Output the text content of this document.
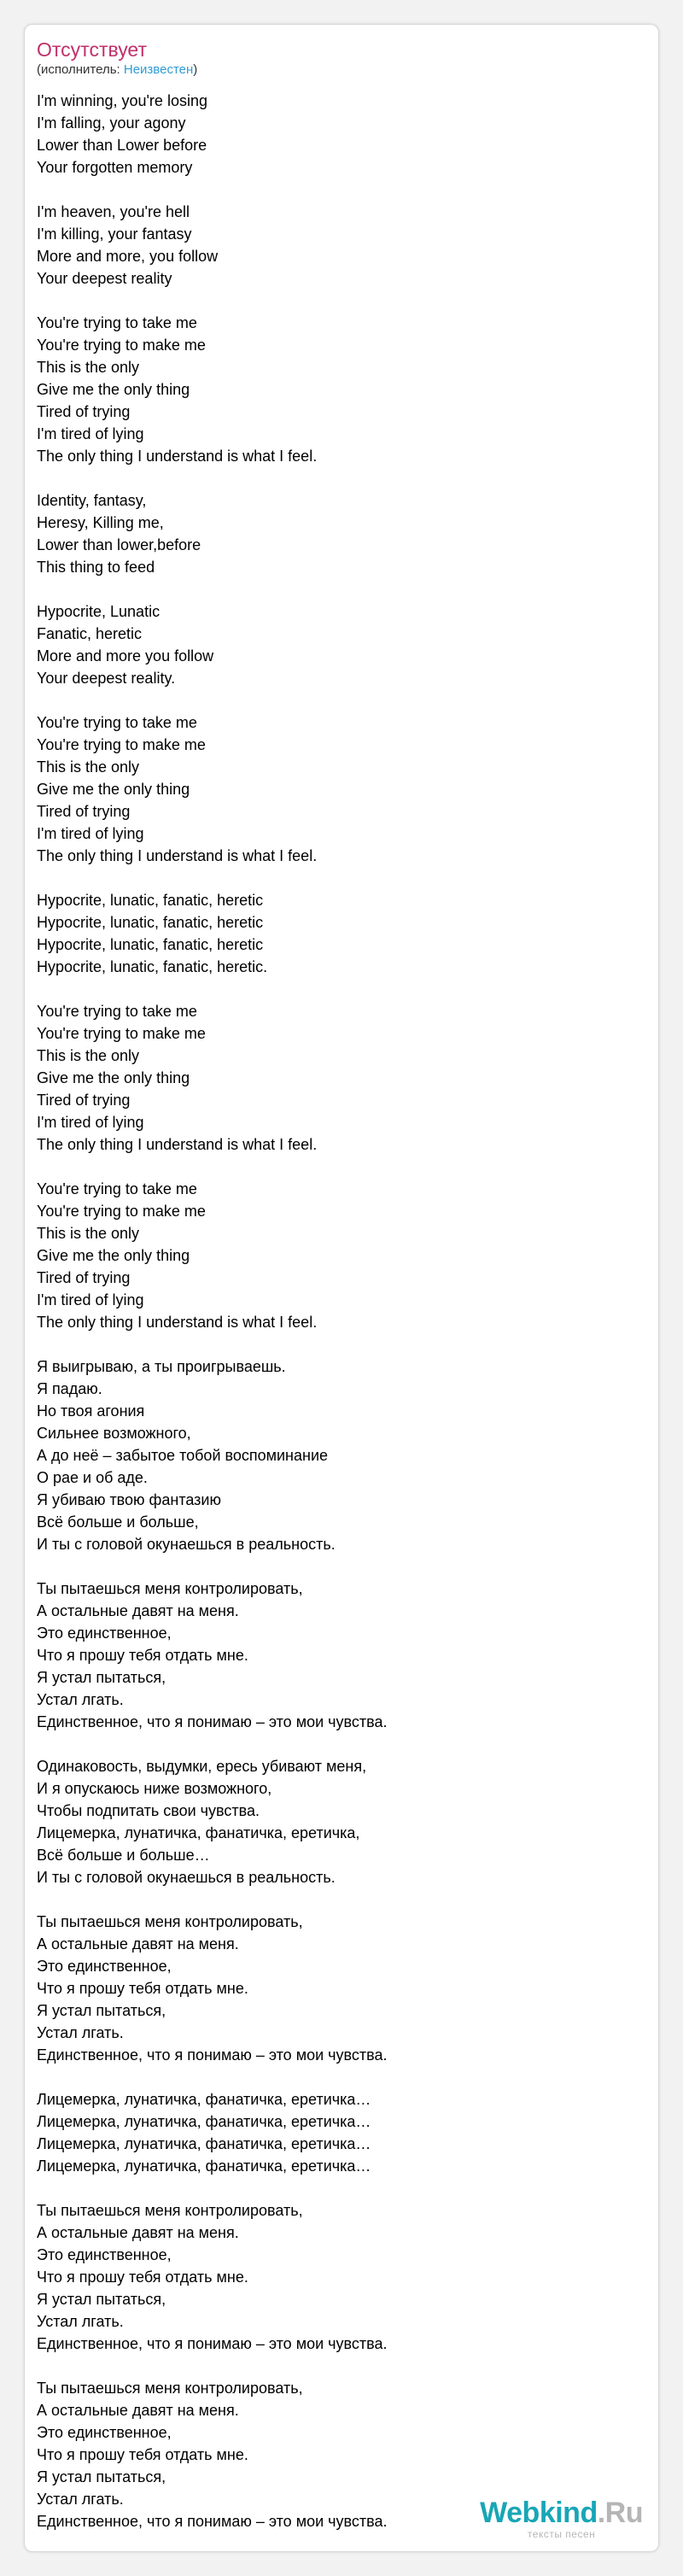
Отсутствует
(исполнитель: Неизвестен)
I'm winning, you're losing
I'm falling, your agony
Lower than Lower before
Your forgotten memory
I'm heaven, you're hell
I'm killing, your fantasy
More and more, you follow
Your deepest reality
You're trying to take me
You're trying to make me
This is the only
Give me the only thing
Tired of trying
I'm tired of lying
The only thing I understand is what I feel.
Identity, fantasy,
Heresy, Killing me,
Lower than lower,before
This thing to feed
Hypocrite, Lunatic
Fanatic, heretic
More and more you follow
Your deepest reality.
You're trying to take me
You're trying to make me
This is the only
Give me the only thing
Tired of trying
I'm tired of lying
The only thing I understand is what I feel.
Hypocrite, lunatic, fanatic, heretic
Hypocrite, lunatic, fanatic, heretic
Hypocrite, lunatic, fanatic, heretic
Hypocrite, lunatic, fanatic, heretic.
You're trying to take me
You're trying to make me
This is the only
Give me the only thing
Tired of trying
I'm tired of lying
The only thing I understand is what I feel.
You're trying to take me
You're trying to make me
This is the only
Give me the only thing
Tired of trying
I'm tired of lying
The only thing I understand is what I feel.
Я выигрываю, а ты проигрываешь.
Я падаю.
Но твоя агония
Сильнее возможного,
А до неё – забытое тобой воспоминание
О рае и об аде.
Я убиваю твою фантазию
Всё больше и больше,
И ты с головой окунаешься в реальность.
Ты пытаешься меня контролировать,
А остальные давят на меня.
Это единственное,
Что я прошу тебя отдать мне.
Я устал пытаться,
Устал лгать.
Единственное, что я понимаю – это мои чувства.
Одинаковость, выдумки, ересь убивают меня,
И я опускаюсь ниже возможного,
Чтобы подпитать свои чувства.
Лицемерка, лунатичка, фанатичка, еретичка,
Всё больше и больше…
И ты с головой окунаешься в реальность.
Ты пытаешься меня контролировать,
А остальные давят на меня.
Это единственное,
Что я прошу тебя отдать мне.
Я устал пытаться,
Устал лгать.
Единственное, что я понимаю – это мои чувства.
Лицемерка, лунатичка, фанатичка, еретичка…
Лицемерка, лунатичка, фанатичка, еретичка…
Лицемерка, лунатичка, фанатичка, еретичка…
Лицемерка, лунатичка, фанатичка, еретичка…
Ты пытаешься меня контролировать,
А остальные давят на меня.
Это единственное,
Что я прошу тебя отдать мне.
Я устал пытаться,
Устал лгать.
Единственное, что я понимаю – это мои чувства.
Ты пытаешься меня контролировать,
А остальные давят на меня.
Это единственное,
Что я прошу тебя отдать мне.
Я устал пытаться,
Устал лгать.
Единственное, что я понимаю – это мои чувства.	Webkind.Ru
тексты песен
